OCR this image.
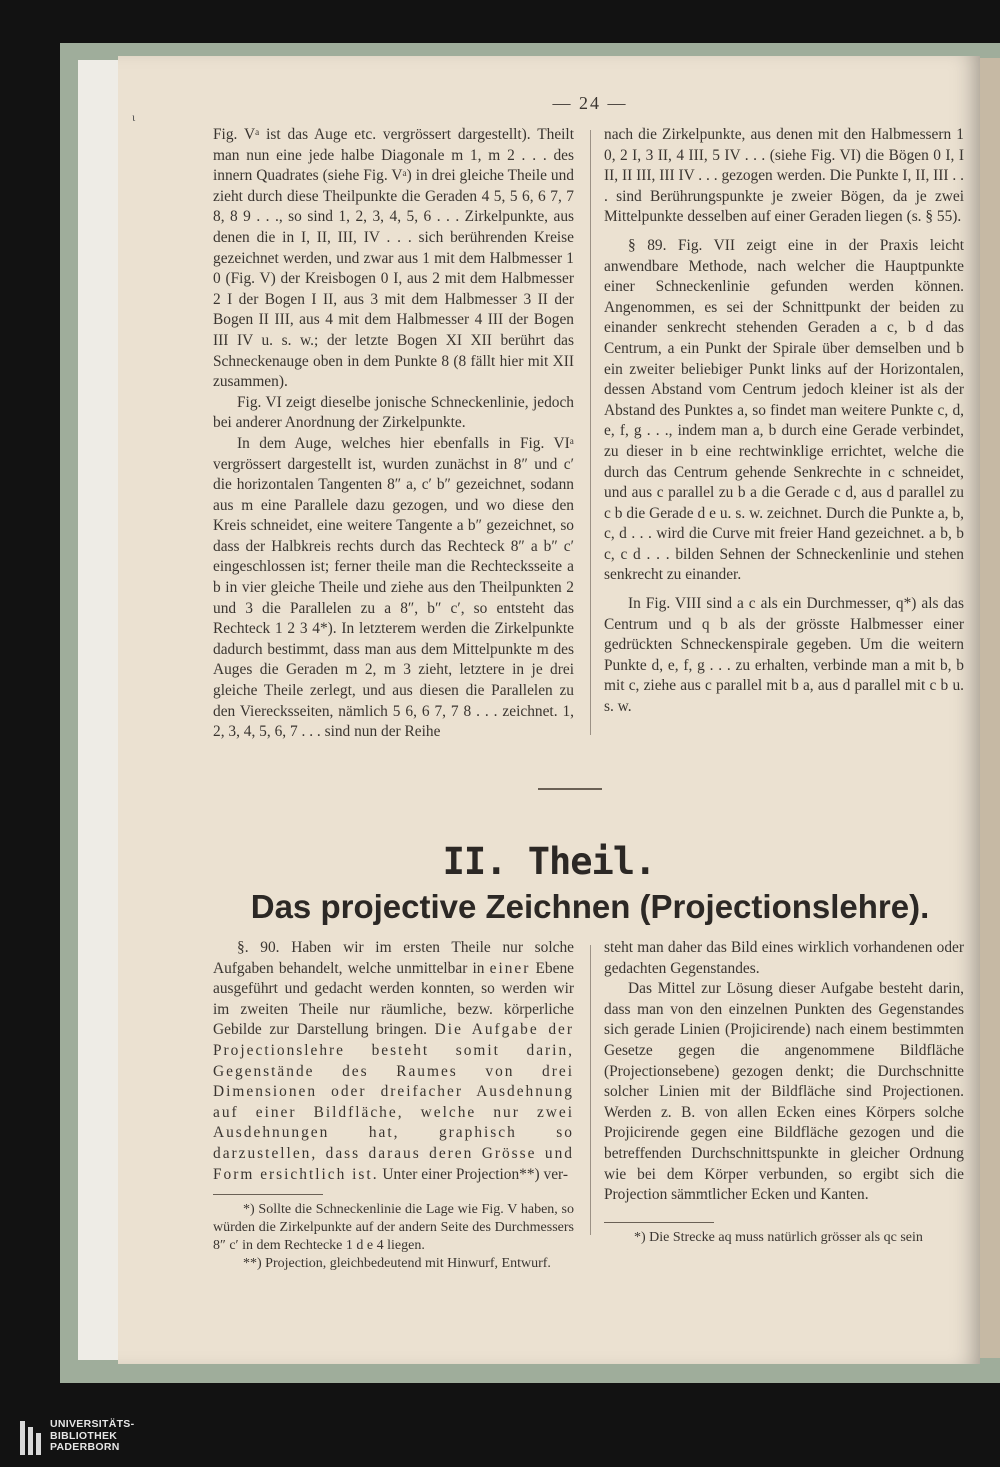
ɩ
— 24 —

Fig. Vᵃ ist das Auge etc. vergrössert dargestellt). Theilt man nun eine jede halbe Diagonale m 1, m 2 . . . des innern Quadrates (siehe Fig. Vᵃ) in drei gleiche Theile und zieht durch diese Theilpunkte die Geraden 4 5, 5 6, 6 7, 7 8, 8 9 . . ., so sind 1, 2, 3, 4, 5, 6 . . . Zirkelpunkte, aus denen die in I, II, III, IV . . . sich berührenden Kreise gezeichnet werden, und zwar aus 1 mit dem Halbmesser 1 0 (Fig. V) der Kreisbogen 0 I, aus 2 mit dem Halbmesser 2 I der Bogen I II, aus 3 mit dem Halbmesser 3 II der Bogen II III, aus 4 mit dem Halbmesser 4 III der Bogen III IV u. s. w.; der letzte Bogen XI XII berührt das Schneckenauge oben in dem Punkte 8 (8 fällt hier mit XII zusammen).

Fig. VI zeigt dieselbe jonische Schneckenlinie, jedoch bei anderer Anordnung der Zirkelpunkte.

In dem Auge, welches hier ebenfalls in Fig. VIᵃ vergrössert dargestellt ist, wurden zunächst in 8″ und c′ die horizontalen Tangenten 8″ a, c′ b″ gezeichnet, sodann aus m eine Parallele dazu gezogen, und wo diese den Kreis schneidet, eine weitere Tangente a b″ gezeichnet, so dass der Halbkreis rechts durch das Rechteck 8″ a b″ c′ eingeschlossen ist; ferner theile man die Rechtecksseite a b in vier gleiche Theile und ziehe aus den Theilpunkten 2 und 3 die Parallelen zu a 8″, b″ c′, so entsteht das Rechteck 1 2 3 4*). In letzterem werden die Zirkelpunkte dadurch bestimmt, dass man aus dem Mittelpunkte m des Auges die Geraden m 2, m 3 zieht, letztere in je drei gleiche Theile zerlegt, und aus diesen die Parallelen zu den Vierecksseiten, nämlich 5 6, 6 7, 7 8 . . . zeichnet. 1, 2, 3, 4, 5, 6, 7 . . . sind nun der Reihe

nach die Zirkelpunkte, aus denen mit den Halbmessern 1 0, 2 I, 3 II, 4 III, 5 IV . . . (siehe Fig. VI) die Bögen 0 I, I II, II III, III IV . . . gezogen werden. Die Punkte I, II, III . . . sind Berührungspunkte je zweier Bögen, da je zwei Mittelpunkte desselben auf einer Geraden liegen (s. § 55).

§ 89. Fig. VII zeigt eine in der Praxis leicht anwendbare Methode, nach welcher die Hauptpunkte einer Schneckenlinie gefunden werden können. Angenommen, es sei der Schnittpunkt der beiden zu einander senkrecht stehenden Geraden a c, b d das Centrum, a ein Punkt der Spirale über demselben und b ein zweiter beliebiger Punkt links auf der Horizontalen, dessen Abstand vom Centrum jedoch kleiner ist als der Abstand des Punktes a, so findet man weitere Punkte c, d, e, f, g . . ., indem man a, b durch eine Gerade verbindet, zu dieser in b eine rechtwinklige errichtet, welche die durch das Centrum gehende Senkrechte in c schneidet, und aus c parallel zu b a die Gerade c d, aus d parallel zu c b die Gerade d e u. s. w. zeichnet. Durch die Punkte a, b, c, d . . . wird die Curve mit freier Hand gezeichnet. a b, b c, c d . . . bilden Sehnen der Schneckenlinie und stehen senkrecht zu einander.

In Fig. VIII sind a c als ein Durchmesser, q*) als das Centrum und q b als der grösste Halbmesser einer gedrückten Schneckenspirale gegeben. Um die weitern Punkte d, e, f, g . . . zu erhalten, verbinde man a mit b, b mit c, ziehe aus c parallel mit b a, aus d parallel mit c b u. s. w.

II. Theil.
Das projective Zeichnen (Projectionslehre).

§. 90. Haben wir im ersten Theile nur solche Aufgaben behandelt, welche unmittelbar in einer Ebene ausgeführt und gedacht werden konnten, so werden wir im zweiten Theile nur räumliche, bezw. körperliche Gebilde zur Darstellung bringen. Die Aufgabe der Projectionslehre besteht somit darin, Gegenstände des Raumes von drei Dimensionen oder dreifacher Ausdehnung auf einer Bildfläche, welche nur zwei Ausdehnungen hat, graphisch so darzustellen, dass daraus deren Grösse und Form ersichtlich ist. Unter einer Projection**) ver-

*) Sollte die Schneckenlinie die Lage wie Fig. V haben, so würden die Zirkelpunkte auf der andern Seite des Durchmessers 8″ c′ in dem Rechtecke 1 d e 4 liegen.

**) Projection, gleichbedeutend mit Hinwurf, Entwurf.

steht man daher das Bild eines wirklich vorhandenen oder gedachten Gegenstandes.

Das Mittel zur Lösung dieser Aufgabe besteht darin, dass man von den einzelnen Punkten des Gegenstandes sich gerade Linien (Projicirende) nach einem bestimmten Gesetze gegen die angenommene Bildfläche (Projectionsebene) gezogen denkt; die Durchschnitte solcher Linien mit der Bildfläche sind Projectionen. Werden z. B. von allen Ecken eines Körpers solche Projicirende gegen eine Bildfläche gezogen und die betreffenden Durchschnittspunkte in gleicher Ordnung wie bei dem Körper verbunden, so ergibt sich die Projection sämmtlicher Ecken und Kanten.

*) Die Strecke aq muss natürlich grösser als qc sein

UNIVERSITÄTS-
BIBLIOTHEK
PADERBORN
